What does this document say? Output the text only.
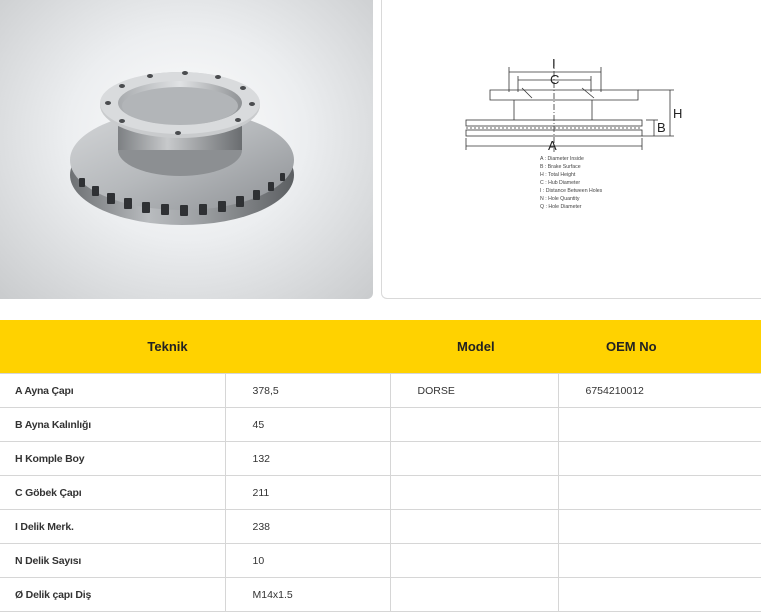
I
C
H
B
A
A : Diameter Inside
B : Brake Surface
H : Total Height
C : Hub Diameter
I : Distance Between Holes
N : Hole Quantity
Q : Hole Diameter
Teknik		Model	OEM No
A Ayna Çapı	378,5	DORSE	6754210012
B Ayna Kalınlığı	45		
H Komple Boy	132		
C Göbek Çapı	211		
I Delik Merk.	238		
N Delik Sayısı	10		
Ø Delik çapı Diş	M14x1.5		
